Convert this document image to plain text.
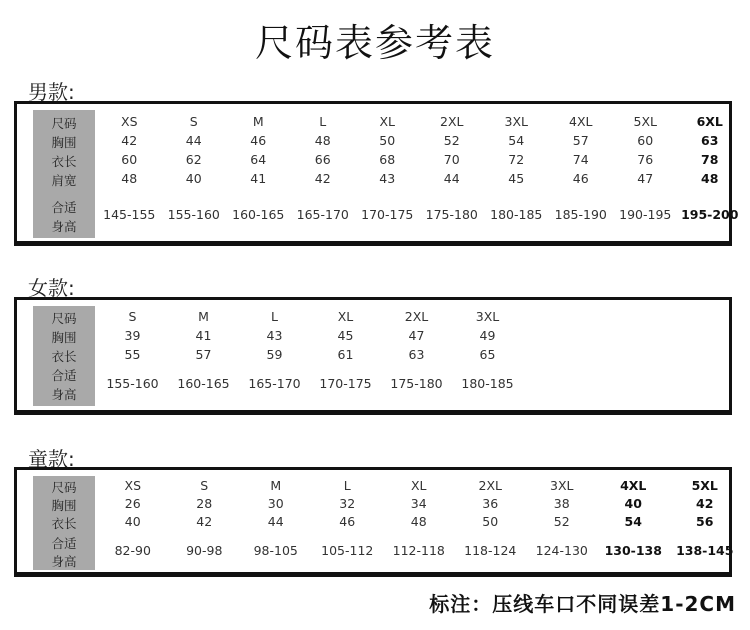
尺码表参考表
男款:
尺码
胸围
衣长
肩宽
合适
身高
XS
42
60
48
145-155
S
44
62
40
155-160
M
46
64
41
160-165
L
48
66
42
165-170
XL
50
68
43
170-175
2XL
52
70
44
175-180
3XL
54
72
45
180-185
4XL
57
74
46
185-190
5XL
60
76
47
190-195
6XL
63
78
48
195-200
女款:
尺码
胸围
衣长
合适
身高
S
39
55
155-160
M
41
57
160-165
L
43
59
165-170
XL
45
61
170-175
2XL
47
63
175-180
3XL
49
65
180-185
童款:
尺码
胸围
衣长
合适
身高
XS
26
40
82-90
S
28
42
90-98
M
30
44
98-105
L
32
46
105-112
XL
34
48
112-118
2XL
36
50
118-124
3XL
38
52
124-130
4XL
40
54
130-138
5XL
42
56
138-145
标注：压线车口不同误差1-2CM
